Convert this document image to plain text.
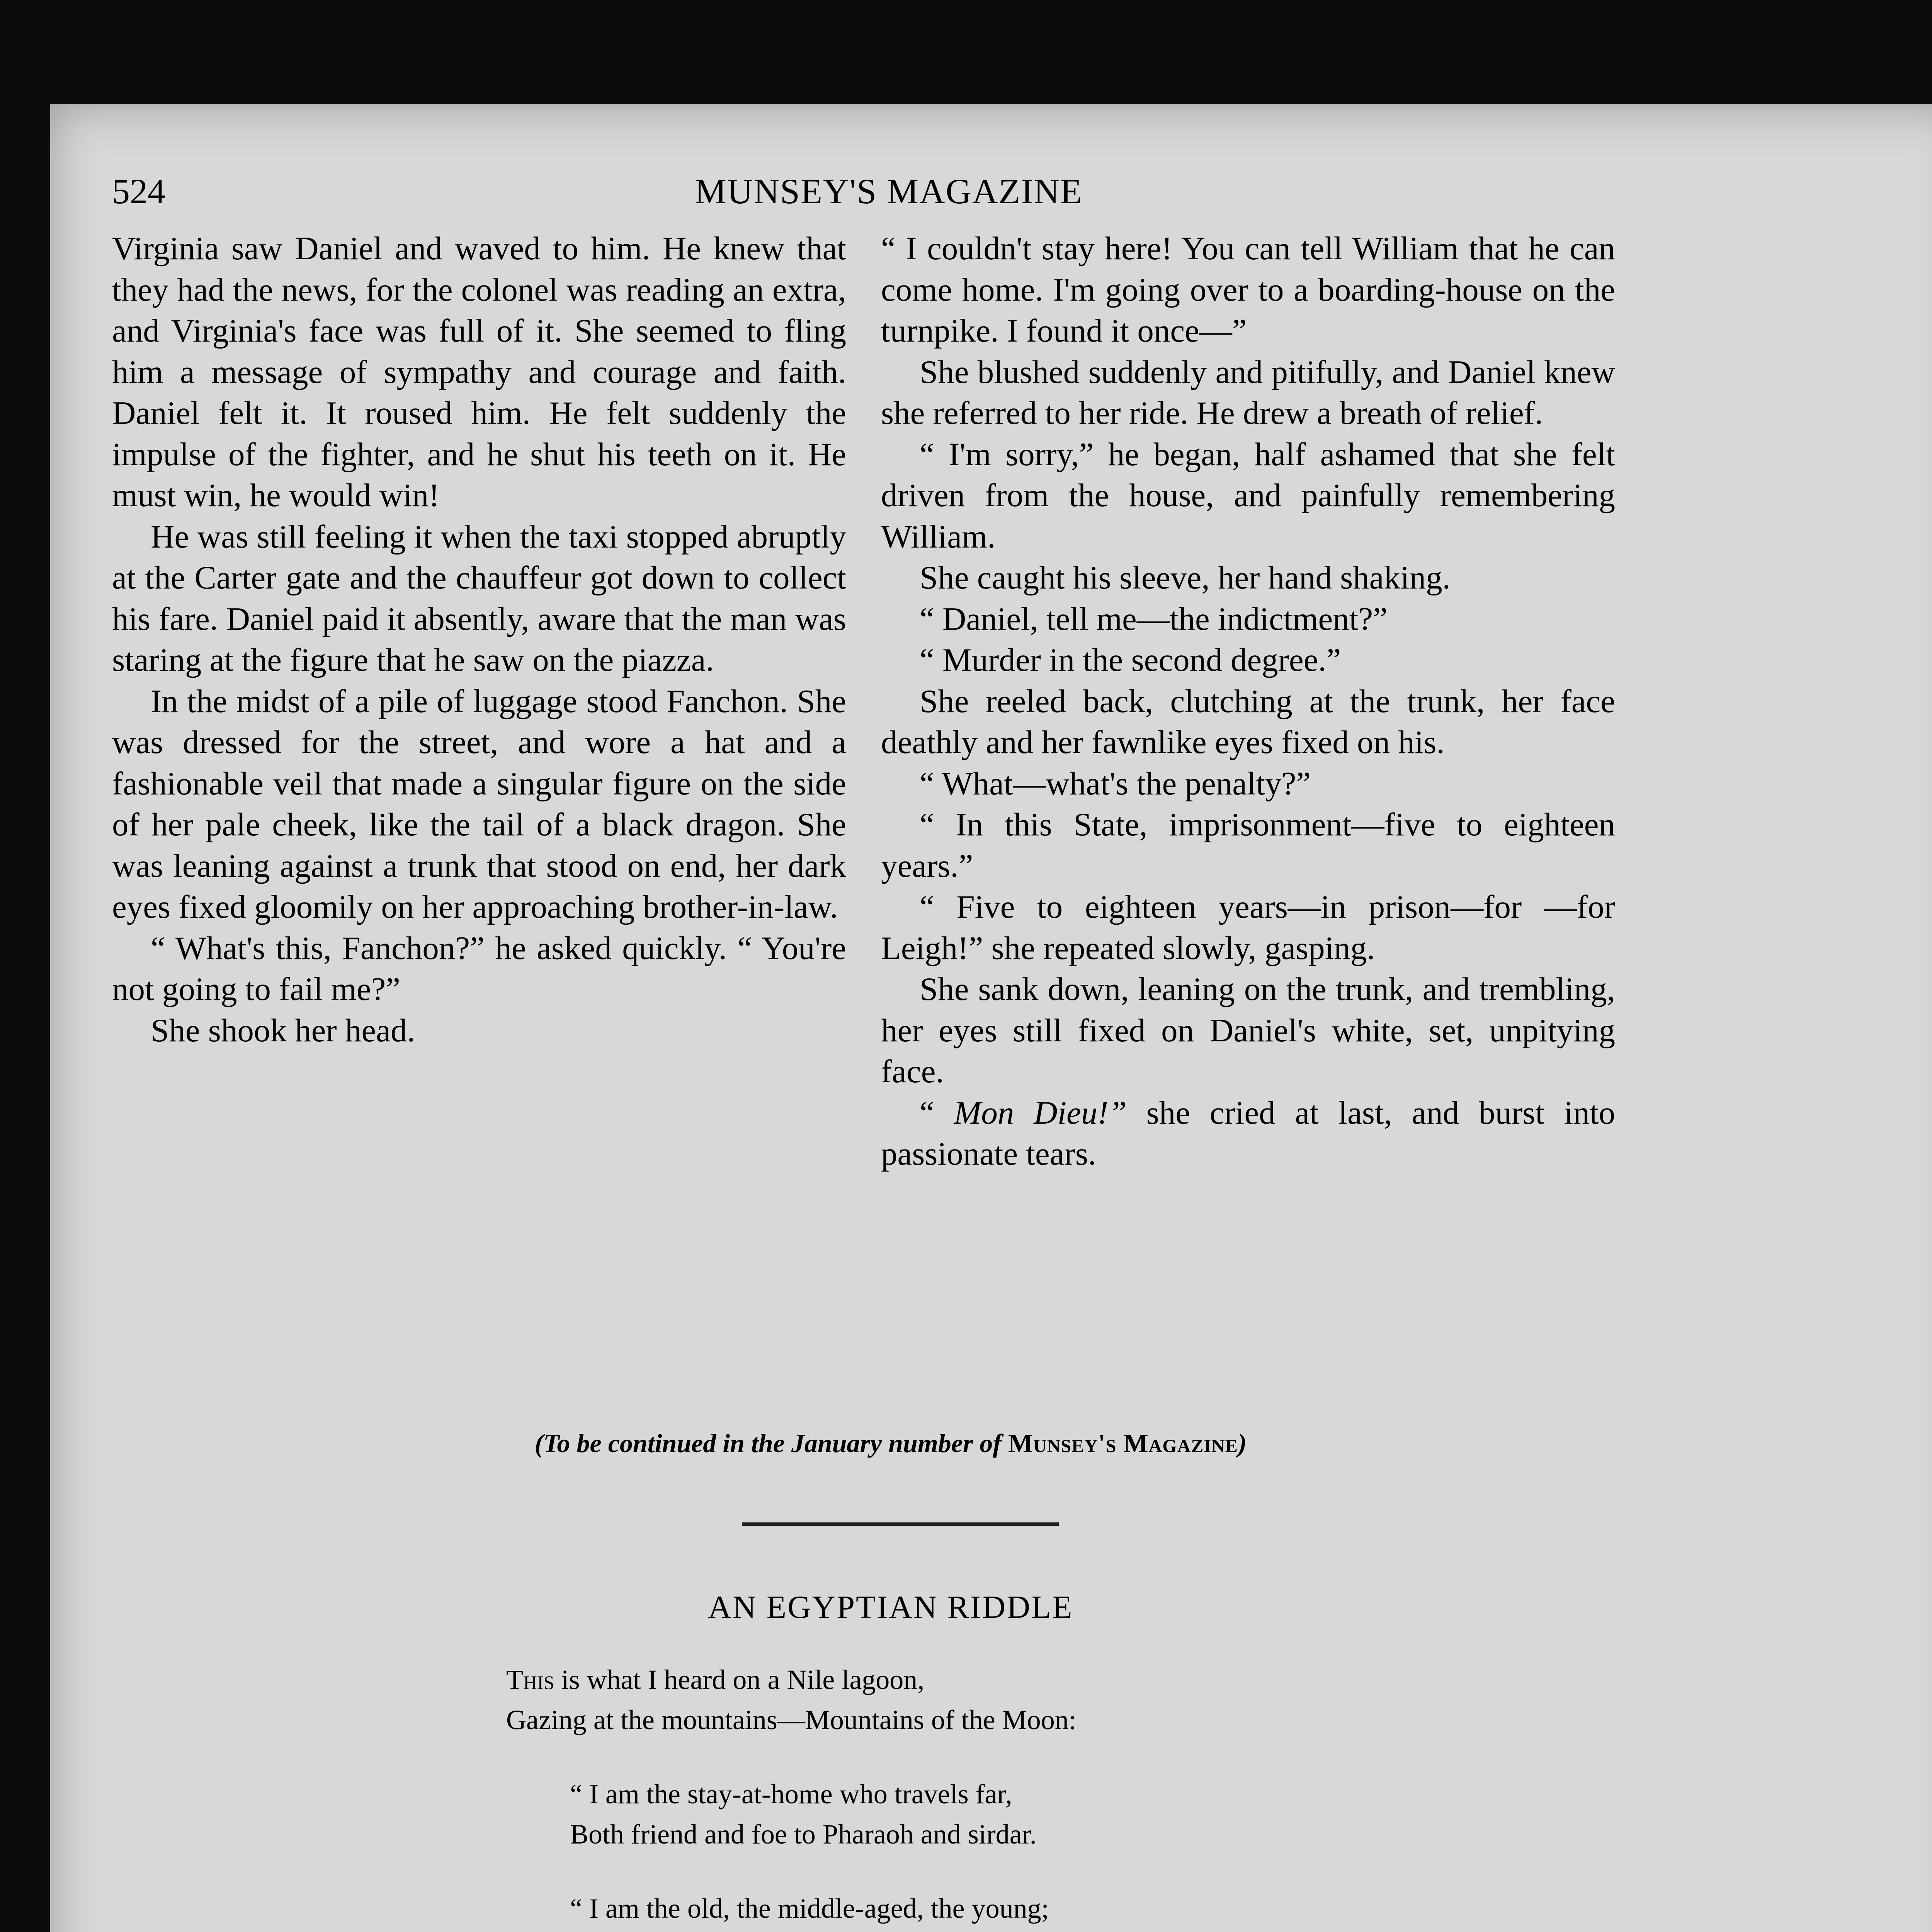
524	MUNSEY'S MAGAZINE

Virginia saw Daniel and waved to him. He knew that they had the news, for the colonel was reading an extra, and Virginia's face was full of it. She seemed to fling him a message of sympathy and courage and faith. Daniel felt it. It roused him. He felt suddenly the impulse of the fighter, and he shut his teeth on it. He must win, he would win!

He was still feeling it when the taxi stopped abruptly at the Carter gate and the chauffeur got down to collect his fare. Daniel paid it absently, aware that the man was staring at the figure that he saw on the piazza.

In the midst of a pile of luggage stood Fanchon. She was dressed for the street, and wore a hat and a fashionable veil that made a singular figure on the side of her pale cheek, like the tail of a black dragon. She was leaning against a trunk that stood on end, her dark eyes fixed gloomily on her approaching brother-in-law.

“ What's this, Fanchon?” he asked quickly. “ You're not going to fail me?”

She shook her head.

“ I couldn't stay here! You can tell William that he can come home. I'm going over to a boarding-house on the turnpike. I found it once—”

She blushed suddenly and pitifully, and Daniel knew she referred to her ride. He drew a breath of relief.

“ I'm sorry,” he began, half ashamed that she felt driven from the house, and painfully remembering William.

She caught his sleeve, her hand shaking.

“ Daniel, tell me—the indictment?”

“ Murder in the second degree.”

She reeled back, clutching at the trunk, her face deathly and her fawnlike eyes fixed on his.

“ What—what's the penalty?”

“ In this State, imprisonment—five to eighteen years.”

“ Five to eighteen years—in prison—for —for Leigh!” she repeated slowly, gasping.

She sank down, leaning on the trunk, and trembling, her eyes still fixed on Daniel's white, set, unpitying face.

“ Mon Dieu!” she cried at last, and burst into passionate tears.

(To be continued in the January number of Munsey's Magazine)
AN EGYPTIAN RIDDLE
This is what I heard on a Nile lagoon,
Gazing at the mountains—Mountains of the Moon:
“ I am the stay-at-home who travels far,
Both friend and foe to Pharaoh and sirdar.
“ I am the old, the middle-aged, the young;
